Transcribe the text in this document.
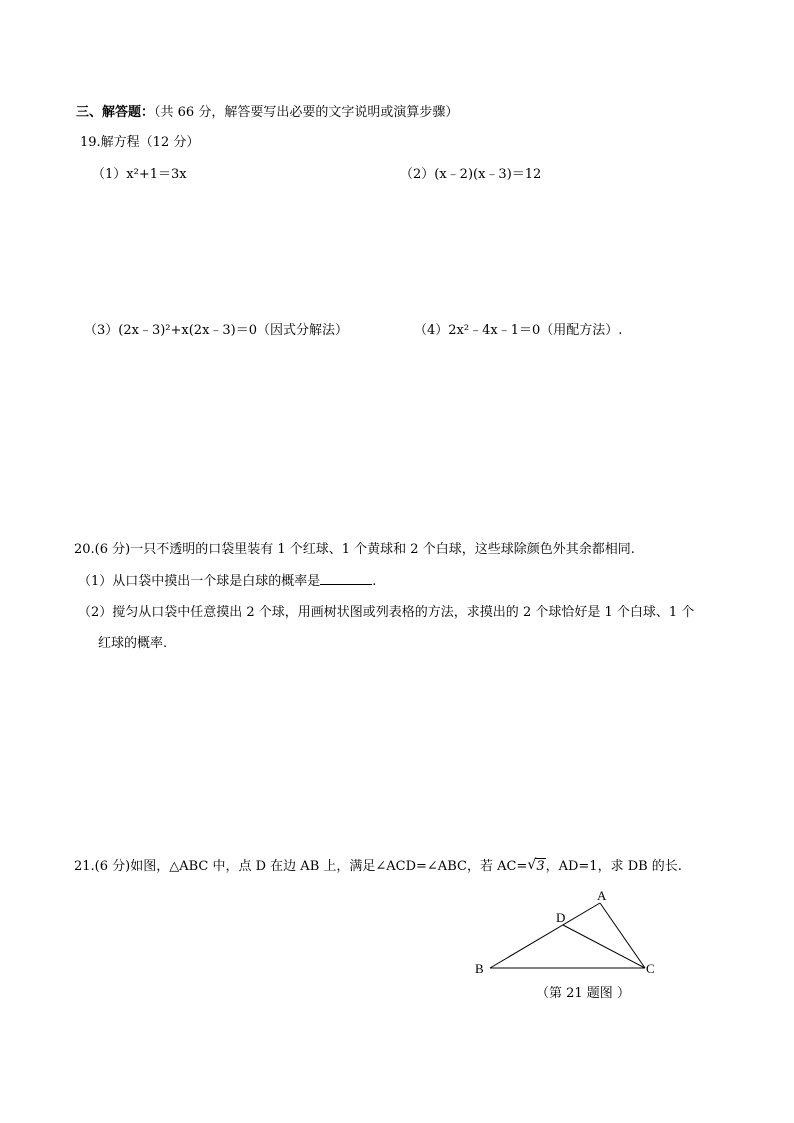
三、解答题：（共 66 分，解答要写出必要的文字说明或演算步骤）
19.解方程（12 分）
（1）x²+1＝3x	（2）(x﹣2)(x﹣3)＝12
（3）(2x﹣3)²+x(2x﹣3)＝0（因式分解法）	（4）2x²﹣4x﹣1＝0（用配方法）.
20.(6 分)一只不透明的口袋里装有 1 个红球、1 个黄球和 2 个白球，这些球除颜色外其余都相同.
（1）从口袋中摸出一个球是白球的概率是	.
（2）搅匀从口袋中任意摸出 2 个球，用画树状图或列表格的方法，求摸出的 2 个球恰好是 1 个白球、1 个
红球的概率.
21.(6 分)如图，△ABC 中，点 D 在边 AB 上，满足∠ACD=∠ABC，若 AC= √ 3，AD=1，求 DB 的长.
A
B	C
D
（第 21 题图 ）
